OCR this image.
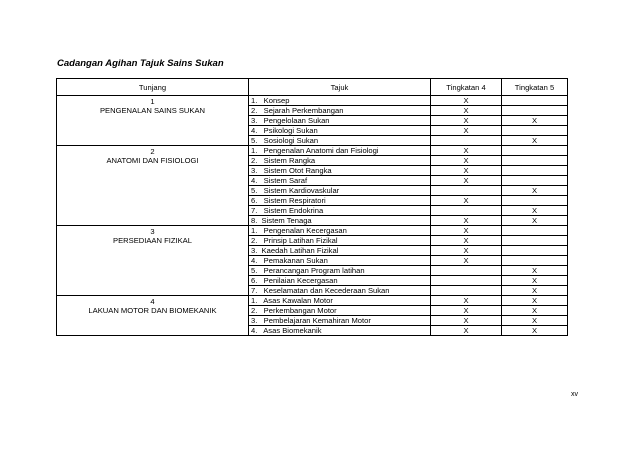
Cadangan Agihan Tajuk Sains Sukan
Tunjang	Tajuk	Tingkatan 4	Tingkatan 5

1
PENGENALAN SAINS SUKAN	1.   Konsep	X	
	2.   Sejarah Perkembangan	X	
	3.   Pengelolaan Sukan	X	X
	4.   Psikologi Sukan	X	
	5.   Sosiologi Sukan		X

2
ANATOMI DAN FISIOLOGI	1.   Pengenalan Anatomi dan Fisiologi	X	
	2.   Sistem Rangka	X	
	3.   Sistem Otot Rangka	X	
	4.   Sistem Saraf	X	
	5.   Sistem Kardiovaskular		X
	6.   Sistem Respiratori	X	
	7.   Sistem Endokrina		X
	8.  Sistem Tenaga	X	X

3
PERSEDIAAN FIZIKAL	1.   Pengenalan Kecergasan	X	
	2.   Prinsip Latihan Fizikal	X	
	3.  Kaedah Latihan Fizikal	X	
	4.   Pemakanan Sukan	X	
	5.   Perancangan Program latihan		X
	6.   Penilaian Kecergasan		X
	7.   Keselamatan dan Kecederaan Sukan		X

4
LAKUAN MOTOR DAN BIOMEKANIK	1.   Asas Kawalan Motor	X	X
	2.   Perkembangan Motor	X	X
	3.   Pembelajaran Kemahiran Motor	X	X
	4.   Asas Biomekanik	X	X
xv
